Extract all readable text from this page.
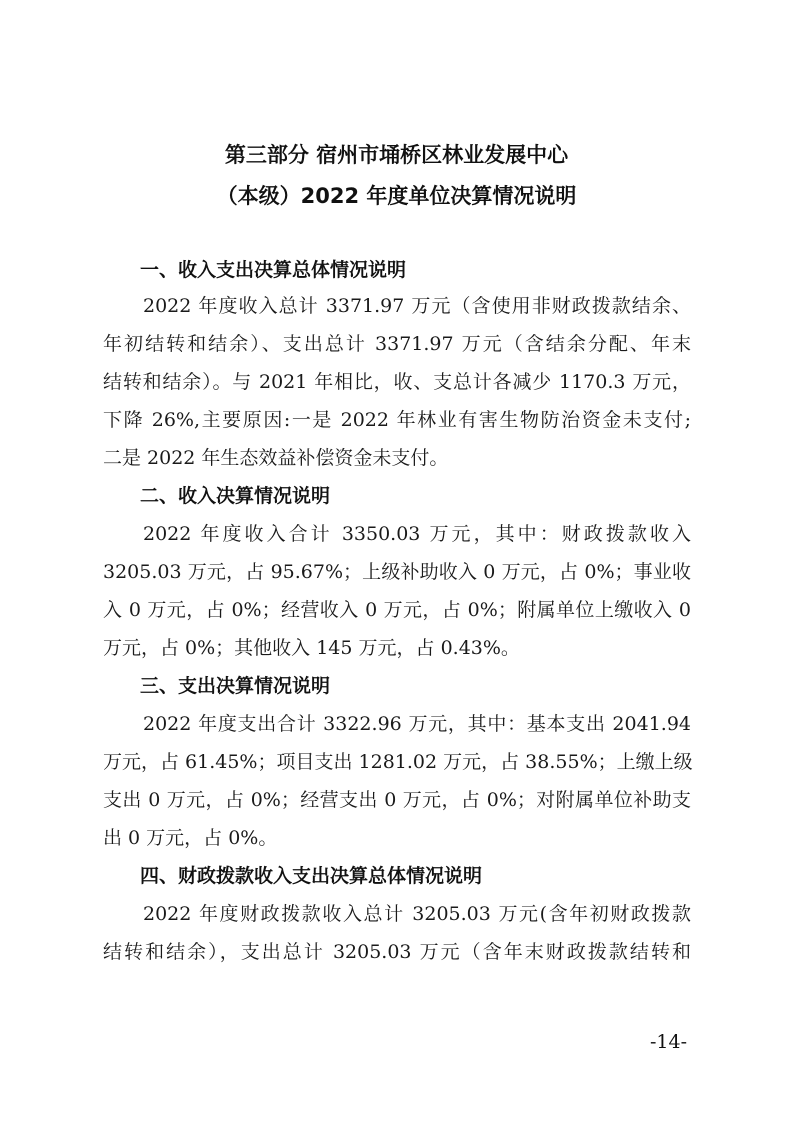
第三部分 宿州市埇桥区林业发展中心
（本级）2022 年度单位决算情况说明
一、收入支出决算总体情况说明
2022 年度收入总计 3371.97 万元（含使用非财政拨款结余、
年初结转和结余）、支出总计 3371.97 万元（含结余分配、年末
结转和结余）。与 2021 年相比，收、支总计各减少 1170.3 万元，
下降 26%,主要原因:一是 2022 年林业有害生物防治资金未支付;
二是 2022 年生态效益补偿资金未支付。
二、收入决算情况说明
2022 年度收入合计 3350.03 万元，其中：财政拨款收入
3205.03 万元，占 95.67%；上级补助收入 0 万元，占 0%；事业收
入 0 万元，占 0%；经营收入 0 万元，占 0%；附属单位上缴收入 0
万元，占 0%；其他收入 145 万元，占 0.43%。
三、支出决算情况说明
2022 年度支出合计 3322.96 万元，其中：基本支出 2041.94
万元，占 61.45%；项目支出 1281.02 万元，占 38.55%；上缴上级
支出 0 万元，占 0%；经营支出 0 万元，占 0%；对附属单位补助支
出 0 万元，占 0%。
四、财政拨款收入支出决算总体情况说明
2022 年度财政拨款收入总计 3205.03 万元(含年初财政拨款
结转和结余），支出总计 3205.03 万元（含年末财政拨款结转和
-14-
